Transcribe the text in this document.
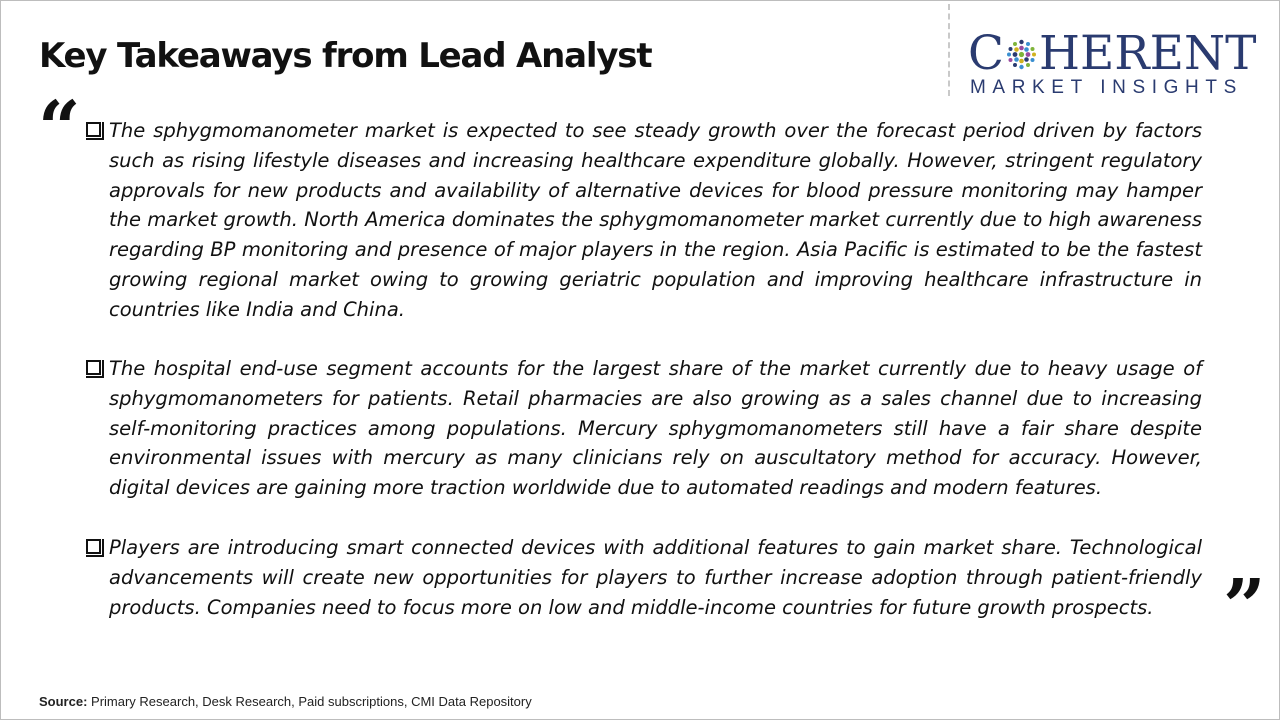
Key Takeaways from Lead Analyst	C HERENT
MARKET INSIGHTS
“
”

The sphygmomanometer market is expected to see steady growth over the forecast period driven by factors such as rising lifestyle diseases and increasing healthcare expenditure globally. However, stringent regulatory approvals for new products and availability of alternative devices for blood pressure monitoring may hamper the market growth. North America dominates the sphygmomanometer market currently due to high awareness regarding BP monitoring and presence of major players in the region. Asia Pacific is estimated to be the fastest growing regional market owing to growing geriatric population and improving healthcare infrastructure in countries like India and China.

The hospital end-use segment accounts for the largest share of the market currently due to heavy usage of sphygmomanometers for patients. Retail pharmacies are also growing as a sales channel due to increasing self-monitoring practices among populations. Mercury sphygmomanometers still have a fair share despite environmental issues with mercury as many clinicians rely on auscultatory method for accuracy. However, digital devices are gaining more traction worldwide due to automated readings and modern features.

Players are introducing smart connected devices with additional features to gain market share. Technological advancements will create new opportunities for players to further increase adoption through patient-friendly products. Companies need to focus more on low and middle-income countries for future growth prospects.

Source: Primary Research, Desk Research, Paid subscriptions, CMI Data Repository
